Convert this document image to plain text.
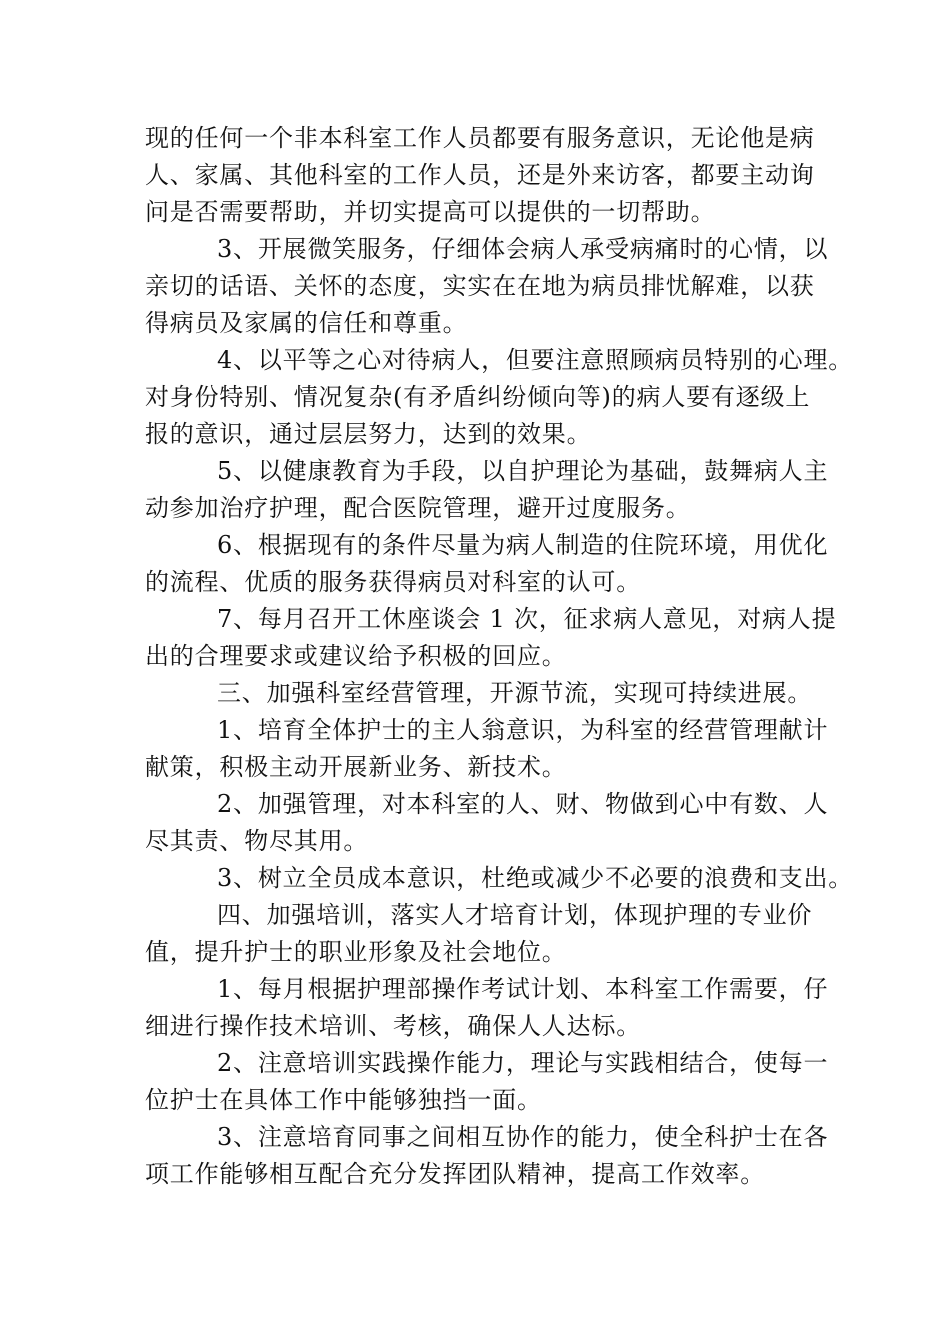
现的任何一个非本科室工作人员都要有服务意识，无论他是病
人、家属、其他科室的工作人员，还是外来访客，都要主动询
问是否需要帮助，并切实提高可以提供的一切帮助。
3、开展微笑服务，仔细体会病人承受病痛时的心情，以
亲切的话语、关怀的态度，实实在在地为病员排忧解难，以获
得病员及家属的信任和尊重。
4、以平等之心对待病人，但要注意照顾病员特别的心理。
对身份特别、情况复杂(有矛盾纠纷倾向等)的病人要有逐级上
报的意识，通过层层努力，达到的效果。
5、以健康教育为手段，以自护理论为基础，鼓舞病人主
动参加治疗护理，配合医院管理，避开过度服务。
6、根据现有的条件尽量为病人制造的住院环境，用优化
的流程、优质的服务获得病员对科室的认可。
7、每月召开工休座谈会 1 次，征求病人意见，对病人提
出的合理要求或建议给予积极的回应。
三、加强科室经营管理，开源节流，实现可持续进展。
1、培育全体护士的主人翁意识，为科室的经营管理献计
献策，积极主动开展新业务、新技术。
2、加强管理，对本科室的人、财、物做到心中有数、人
尽其责、物尽其用。
3、树立全员成本意识，杜绝或减少不必要的浪费和支出。
四、加强培训，落实人才培育计划，体现护理的专业价
值，提升护士的职业形象及社会地位。
1、每月根据护理部操作考试计划、本科室工作需要，仔
细进行操作技术培训、考核，确保人人达标。
2、注意培训实践操作能力，理论与实践相结合，使每一
位护士在具体工作中能够独挡一面。
3、注意培育同事之间相互协作的能力，使全科护士在各
项工作能够相互配合充分发挥团队精神，提高工作效率。
